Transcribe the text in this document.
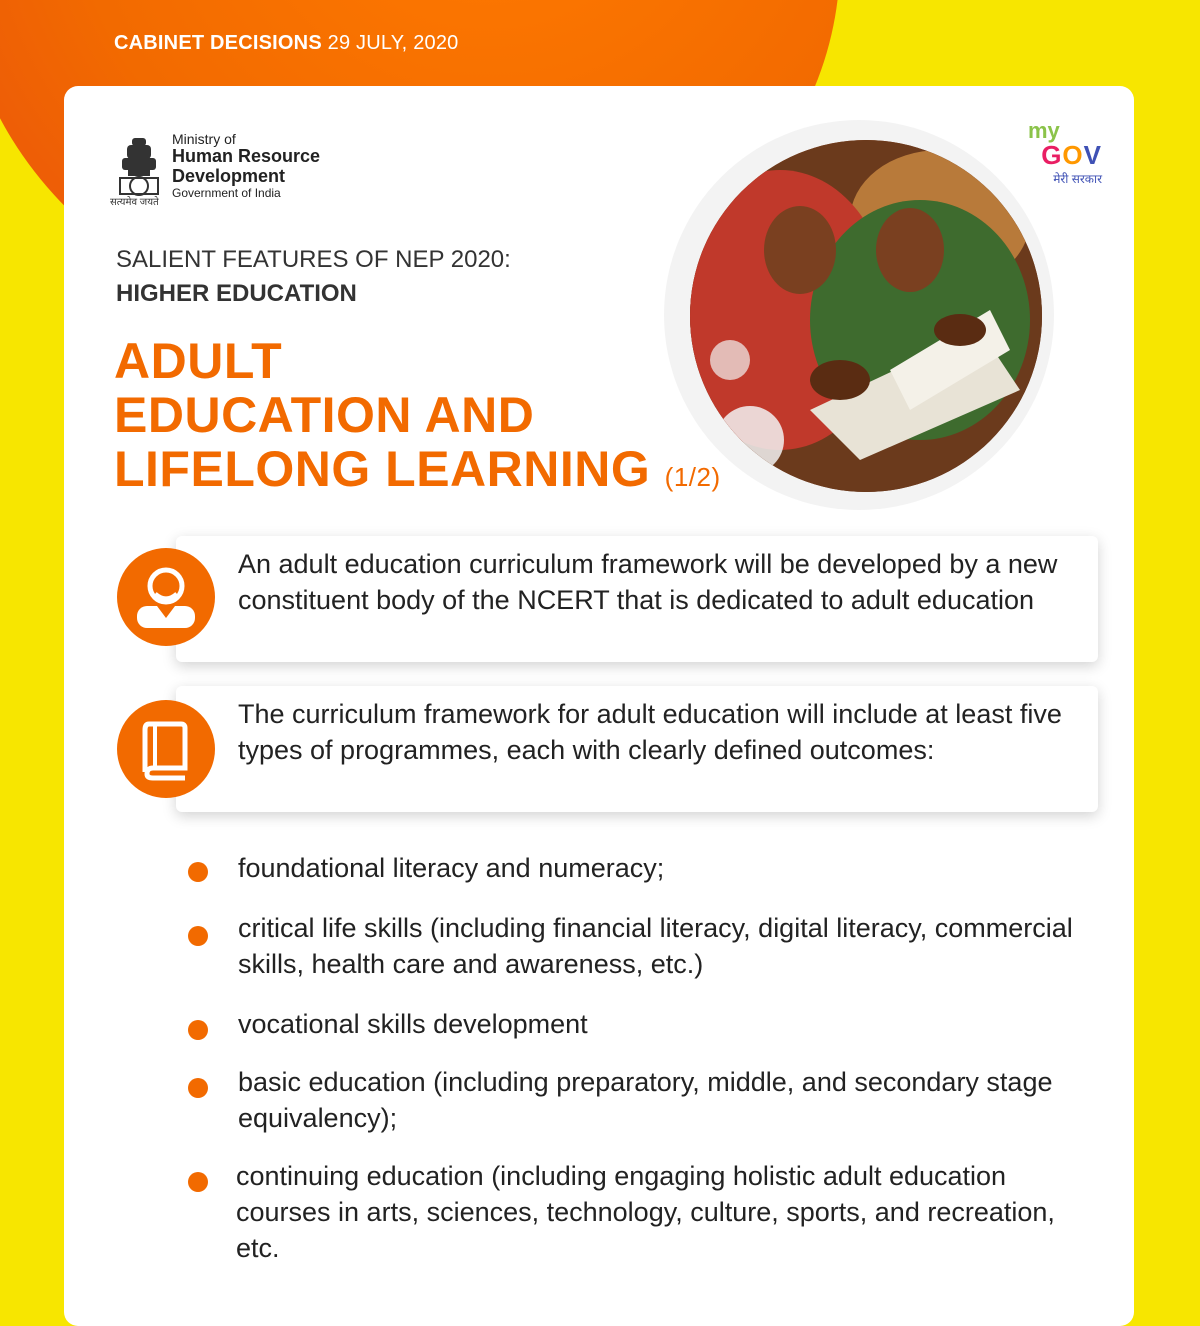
CABINET DECISIONS 29 JULY, 2020
सत्यमेव जयते
Ministry of
Human Resource
Development
Government of India
my
GOV
मेरी सरकार
SALIENT FEATURES OF NEP 2020:
HIGHER EDUCATION
ADULT
EDUCATION AND
LIFELONG LEARNING (1/2)
An adult education curriculum framework will be developed by a new constituent body of the NCERT that is dedicated to adult education
The curriculum framework for adult education will include at least five types of programmes, each with clearly defined outcomes:
foundational literacy and numeracy;
critical life skills (including financial literacy, digital literacy, commercial skills, health care and awareness, etc.)
vocational skills development
basic education (including preparatory, middle, and secondary stage equivalency);
continuing education (including engaging holistic adult education courses in arts, sciences, technology, culture, sports, and recreation, etc.
